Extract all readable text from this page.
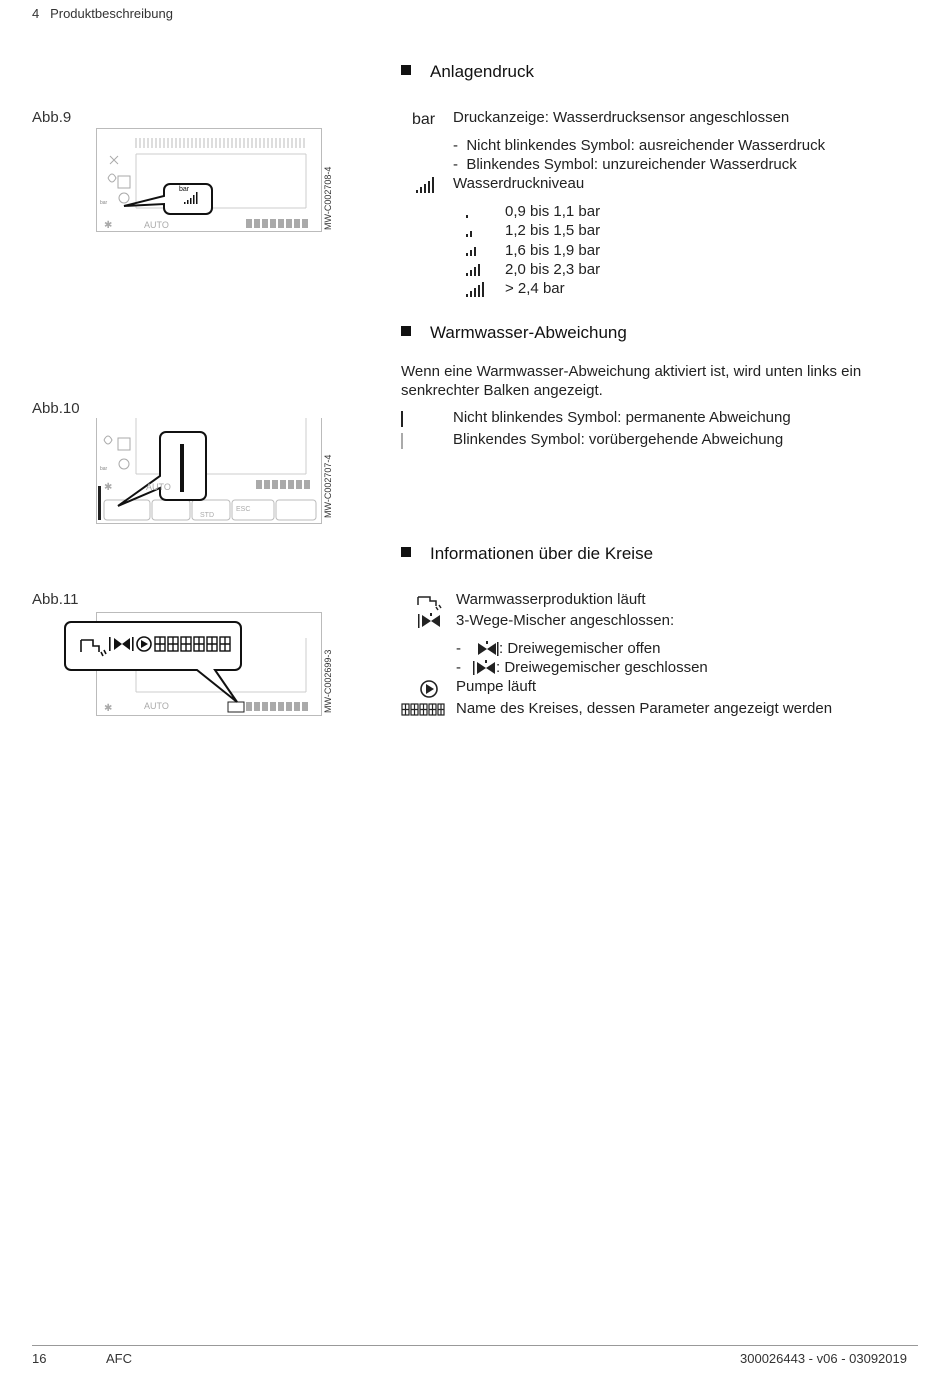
4 Produktbeschreibung
Anlagendruck
Abb.9
bar
✱	AUTO
bar	MW-C002708-4
bar Druckanzeige: Wasserdrucksensor angeschlossen
- Nicht blinkendes Symbol: ausreichender Wasserdruck
- Blinkendes Symbol: unzureichender Wasserdruck
Wasserdruckniveau
0,9 bis 1,1 bar
1,2 bis 1,5 bar
1,6 bis 1,9 bar
2,0 bis 2,3 bar
> 2,4 bar
Warmwasser-Abweichung
Wenn eine Warmwasser-Abweichung aktiviert ist, wird unten links ein
senkrechter Balken angezeigt.
Abb.10
Nicht blinkendes Symbol: permanente Abweichung
Blinkendes Symbol: vorübergehende Abweichung
bar
✱	AUTO
STD
ESC	MW-C002707-4
Informationen über die Kreise
Abb.11
✱	AUTO	MW-C002699-3
Warmwasserproduktion läuft
3-Wege-Mischer angeschlossen:
-	: Dreiwegemischer offen
- : Dreiwegemischer geschlossen
Pumpe läuft
Name des Kreises, dessen Parameter angezeigt werden
16	AFC	300026443 - v06 - 03092019
